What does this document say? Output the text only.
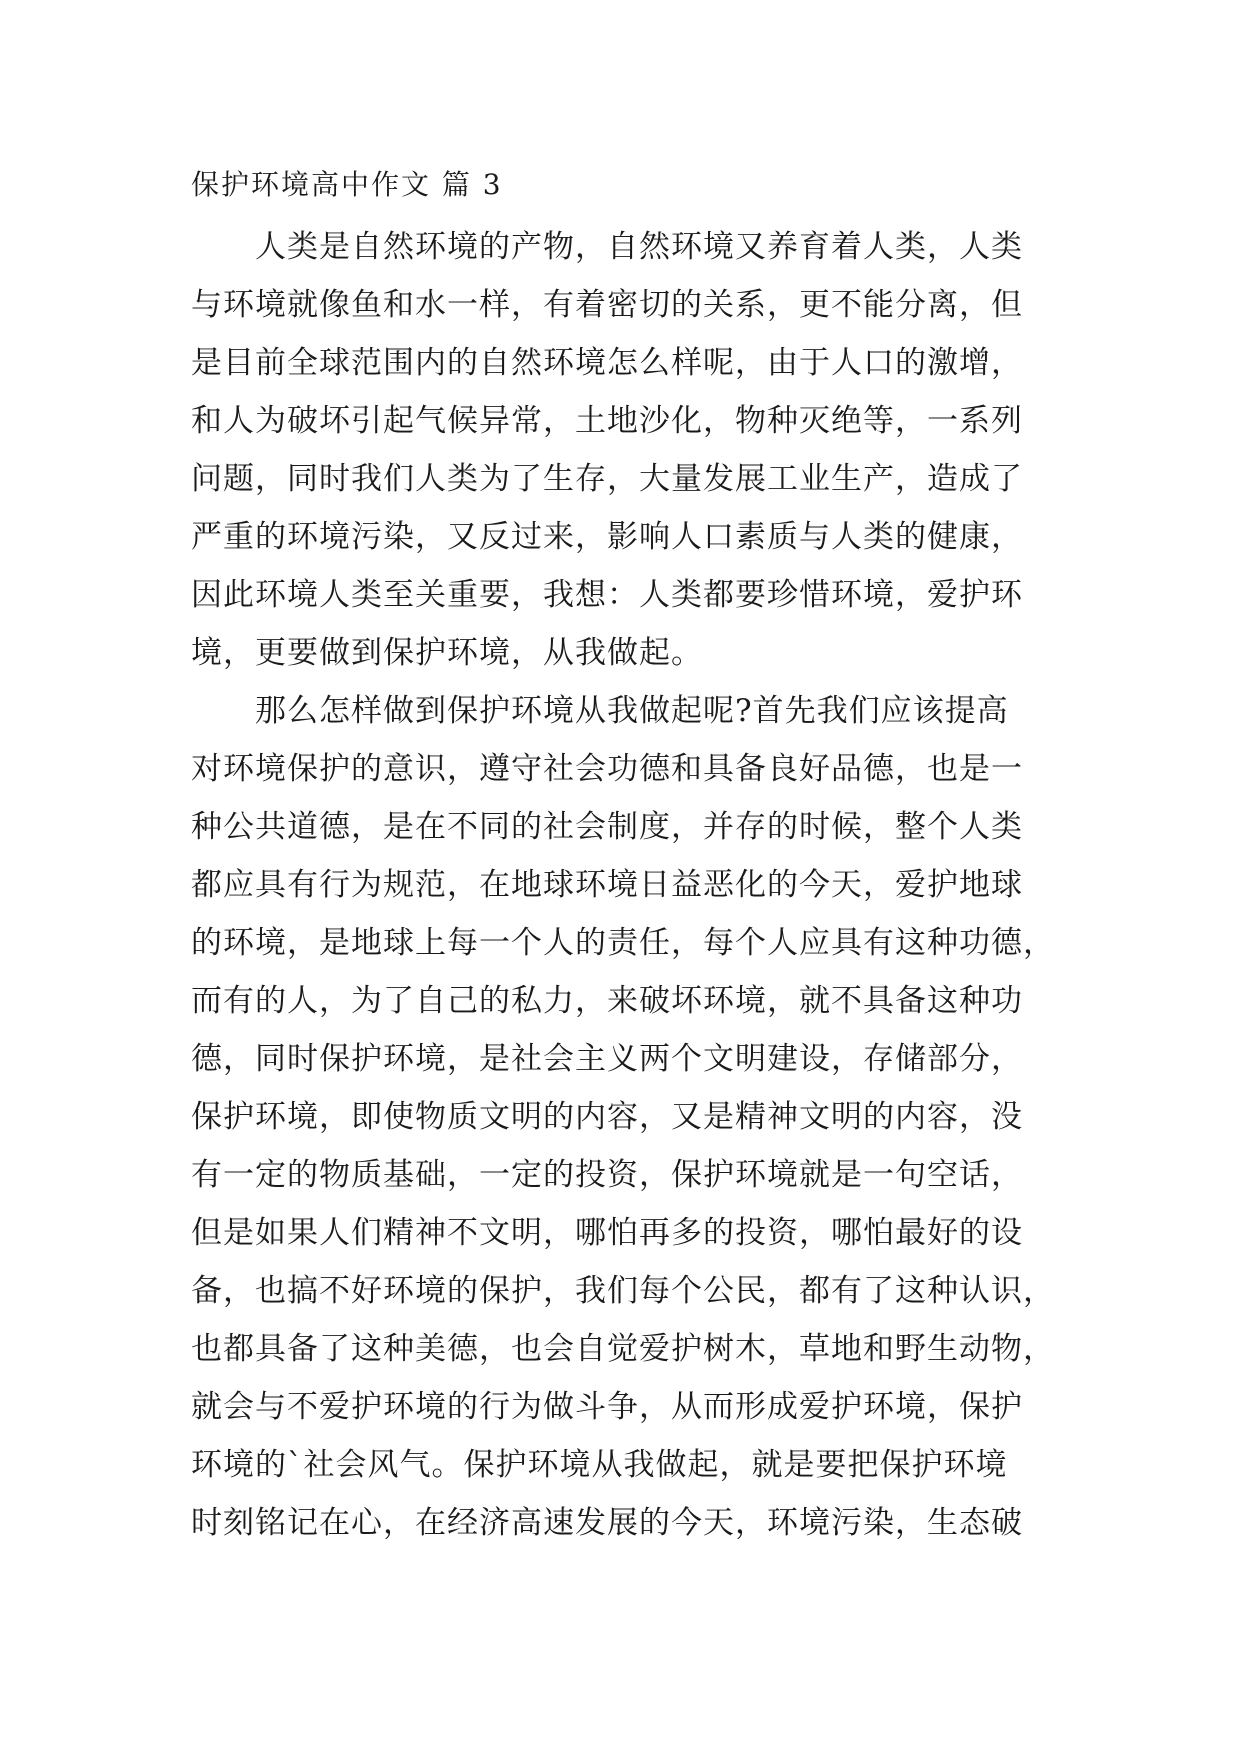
保护环境高中作文 篇 3

　　人类是自然环境的产物，自然环境又养育着人类，人类
与环境就像鱼和水一样，有着密切的关系，更不能分离，但
是目前全球范围内的自然环境怎么样呢，由于人口的激增，
和人为破坏引起气候异常，土地沙化，物种灭绝等，一系列
问题，同时我们人类为了生存，大量发展工业生产，造成了
严重的环境污染，又反过来，影响人口素质与人类的健康，
因此环境人类至关重要，我想：人类都要珍惜环境，爱护环
境，更要做到保护环境，从我做起。

　　那么怎样做到保护环境从我做起呢?首先我们应该提高
对环境保护的意识，遵守社会功德和具备良好品德，也是一
种公共道德，是在不同的社会制度，并存的时候，整个人类
都应具有行为规范，在地球环境日益恶化的今天，爱护地球
的环境，是地球上每一个人的责任，每个人应具有这种功德，
而有的人，为了自己的私力，来破坏环境，就不具备这种功
德，同时保护环境，是社会主义两个文明建设，存储部分，
保护环境，即使物质文明的内容，又是精神文明的内容，没
有一定的物质基础，一定的投资，保护环境就是一句空话，
但是如果人们精神不文明，哪怕再多的投资，哪怕最好的设
备，也搞不好环境的保护，我们每个公民，都有了这种认识，
也都具备了这种美德，也会自觉爱护树木，草地和野生动物，
就会与不爱护环境的行为做斗争，从而形成爱护环境，保护
环境的`社会风气。保护环境从我做起，就是要把保护环境
时刻铭记在心，在经济高速发展的今天，环境污染，生态破
